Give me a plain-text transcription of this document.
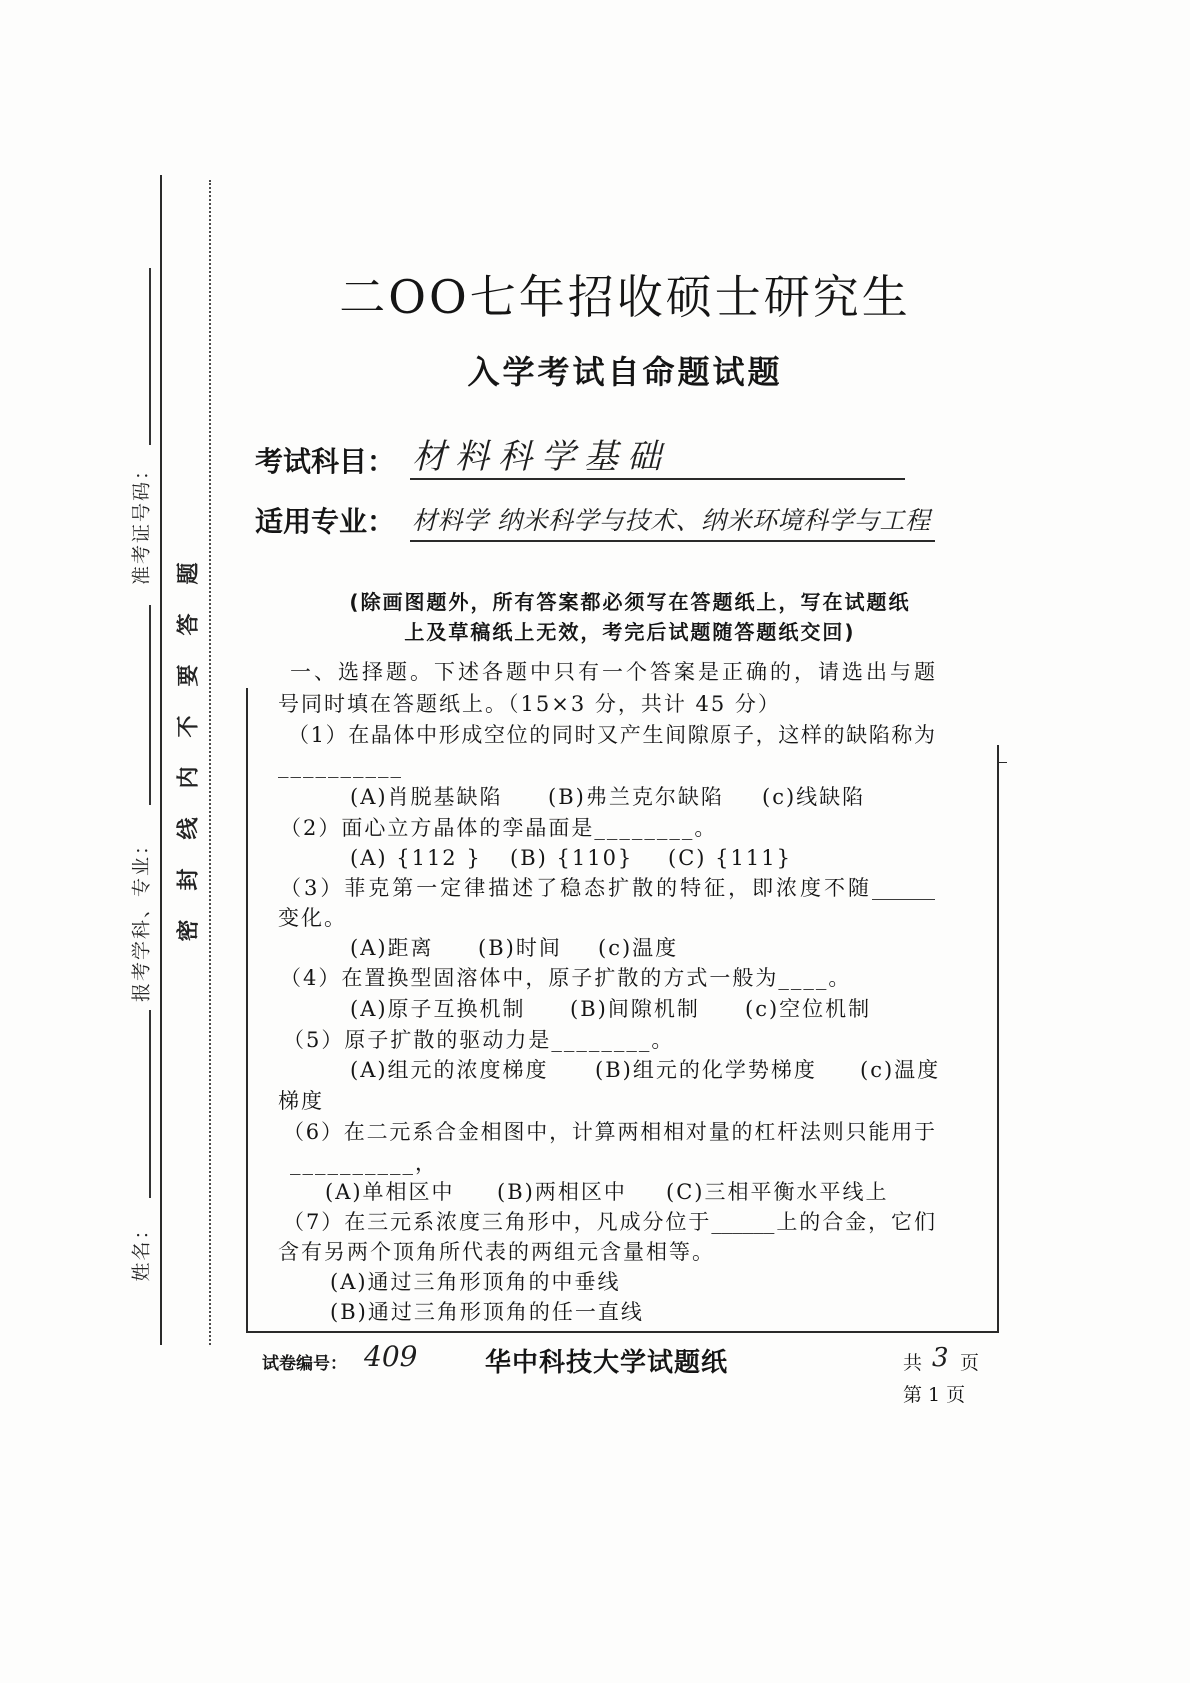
准考证号码：
报考学科、专业：
姓名：
密封线内不要答题
二OO七年招收硕士研究生
入学考试自命题试题
考试科目： 材料科学基础
适用专业： 材料学 纳米科学与技术、纳米环境科学与工程
(除画图题外，所有答案都必须写在答题纸上，写在试题纸
上及草稿纸上无效，考完后试题随答题纸交回)
一、选择题。下述各题中只有一个答案是正确的，请选出与题
号同时填在答题纸上。（15×3 分，共计 45 分）
（1）在晶体中形成空位的同时又产生间隙原子，这样的缺陷称为
__________
(A)肖脱基缺陷 (B)弗兰克尔缺陷 (c)线缺陷
（2）面心立方晶体的孪晶面是________。
(A) {112 } (B) {110} (C) {111}
（3）菲克第一定律描述了稳态扩散的特征，即浓度不随______
变化。
(A)距离 (B)时间 (c)温度
（4）在置换型固溶体中，原子扩散的方式一般为____。
(A)原子互换机制 (B)间隙机制 (c)空位机制
（5）原子扩散的驱动力是________。
(A)组元的浓度梯度 (B)组元的化学势梯度 (c)温度
梯度
（6）在二元系合金相图中，计算两相相对量的杠杆法则只能用于
__________，
(A)单相区中 (B)两相区中 (C)三相平衡水平线上
（7）在三元系浓度三角形中，凡成分位于______上的合金，它们
含有另两个顶角所代表的两组元含量相等。
(A)通过三角形顶角的中垂线
(B)通过三角形顶角的任一直线
试卷编号： 409	华中科技大学试题纸	共 3 页
第 1 页
